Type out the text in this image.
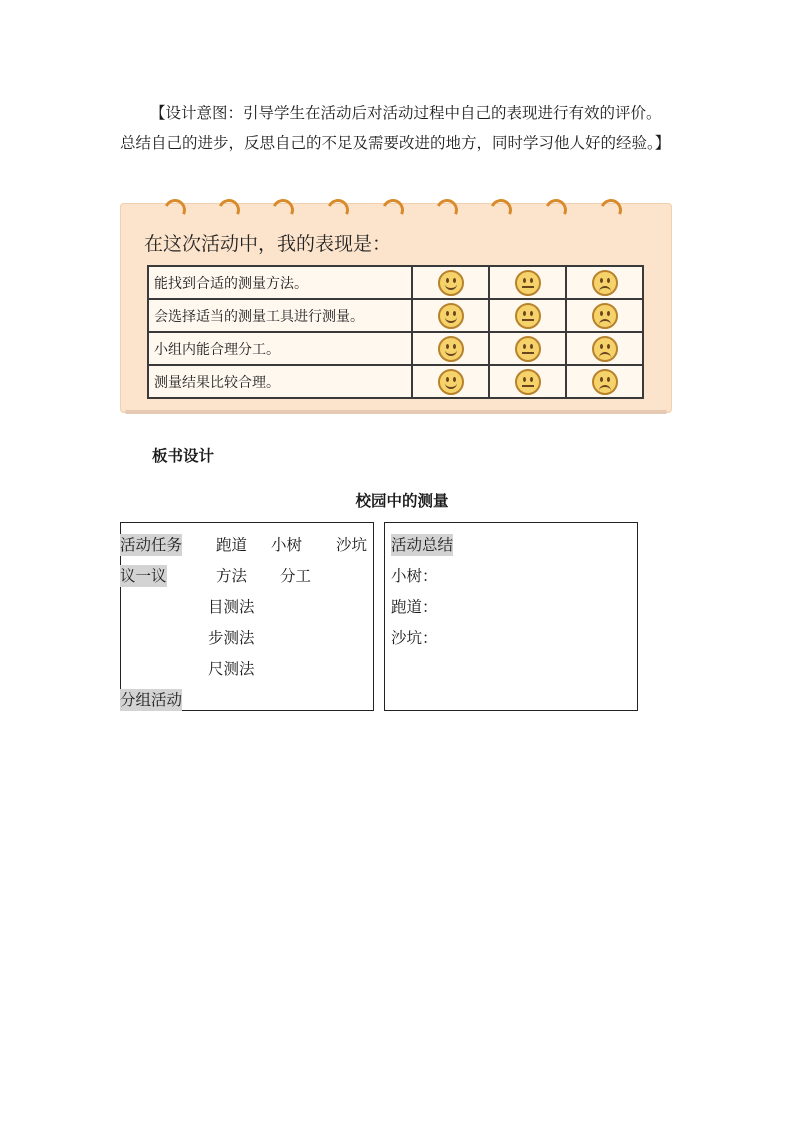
【设计意图：引导学生在活动后对活动过程中自己的表现进行有效的评价。总结自己的进步，反思自己的不足及需要改进的地方，同时学习他人好的经验。】

在这次活动中，我的表现是：
能找到合适的测量方法。	

会选择适当的测量工具进行测量。	

小组内能合理分工。	

测量结果比较合理。	

板书设计

校园中的测量

活动任务 跑道 小树 沙坑
议一议	方法 分工
目测法
步测法
尺测法
分组活动
活动总结
小树：
跑道：
沙坑：
